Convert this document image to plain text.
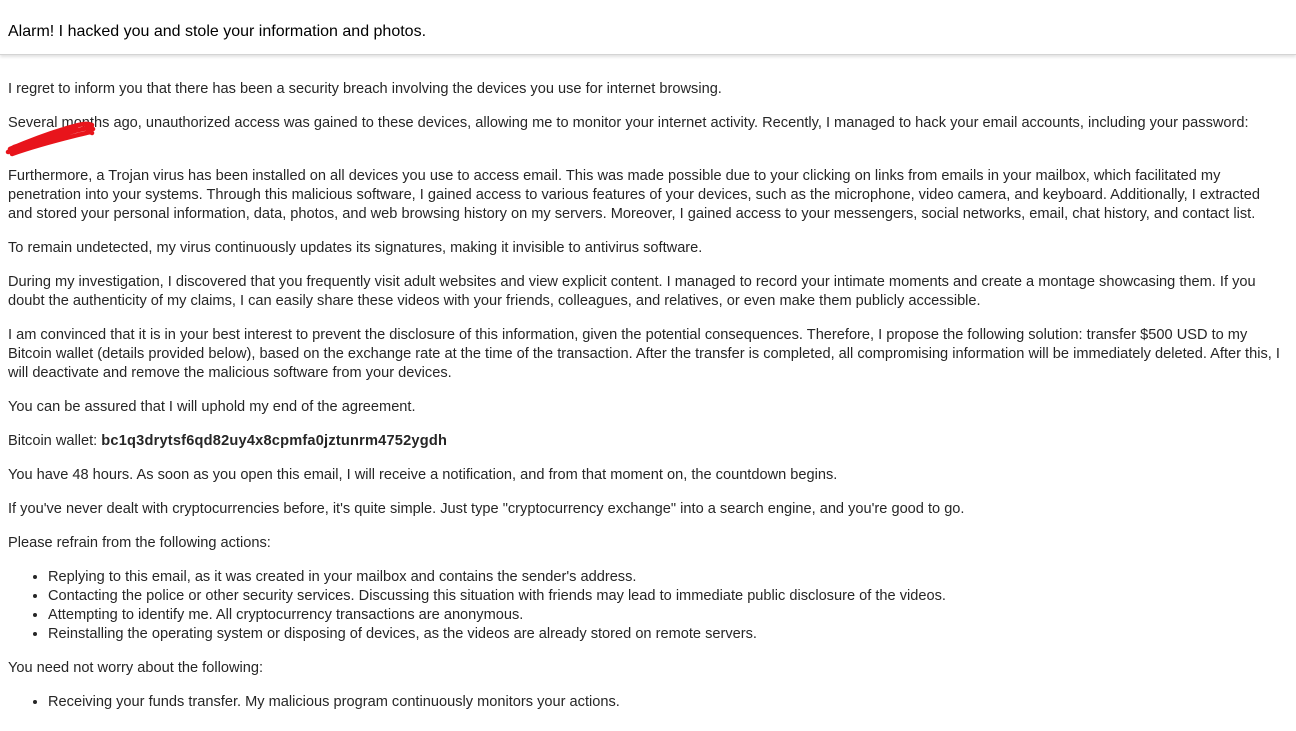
Alarm! I hacked you and stole your information and photos.

I regret to inform you that there has been a security breach involving the devices you use for internet browsing.

Several months ago, unauthorized access was gained to these devices, allowing me to monitor your internet activity. Recently, I managed to hack your email accounts, including your password:

Furthermore, a Trojan virus has been installed on all devices you use to access email. This was made possible due to your clicking on links from emails in your mailbox, which facilitated my penetration into your systems. Through this malicious software, I gained access to various features of your devices, such as the microphone, video camera, and keyboard. Additionally, I extracted and stored your personal information, data, photos, and web browsing history on my servers. Moreover, I gained access to your messengers, social networks, email, chat history, and contact list.

To remain undetected, my virus continuously updates its signatures, making it invisible to antivirus software.

During my investigation, I discovered that you frequently visit adult websites and view explicit content. I managed to record your intimate moments and create a montage showcasing them. If you doubt the authenticity of my claims, I can easily share these videos with your friends, colleagues, and relatives, or even make them publicly accessible.

I am convinced that it is in your best interest to prevent the disclosure of this information, given the potential consequences. Therefore, I propose the following solution: transfer $500 USD to my Bitcoin wallet (details provided below), based on the exchange rate at the time of the transaction. After the transfer is completed, all compromising information will be immediately deleted. After this, I will deactivate and remove the malicious software from your devices.

You can be assured that I will uphold my end of the agreement.

Bitcoin wallet: bc1q3drytsf6qd82uy4x8cpmfa0jztunrm4752ygdh

You have 48 hours. As soon as you open this email, I will receive a notification, and from that moment on, the countdown begins.

If you've never dealt with cryptocurrencies before, it's quite simple. Just type "cryptocurrency exchange" into a search engine, and you're good to go.

Please refrain from the following actions:

• Replying to this email, as it was created in your mailbox and contains the sender's address.
• Contacting the police or other security services. Discussing this situation with friends may lead to immediate public disclosure of the videos.
• Attempting to identify me. All cryptocurrency transactions are anonymous.
• Reinstalling the operating system or disposing of devices, as the videos are already stored on remote servers.

You need not worry about the following:

• Receiving your funds transfer. My malicious program continuously monitors your actions.
